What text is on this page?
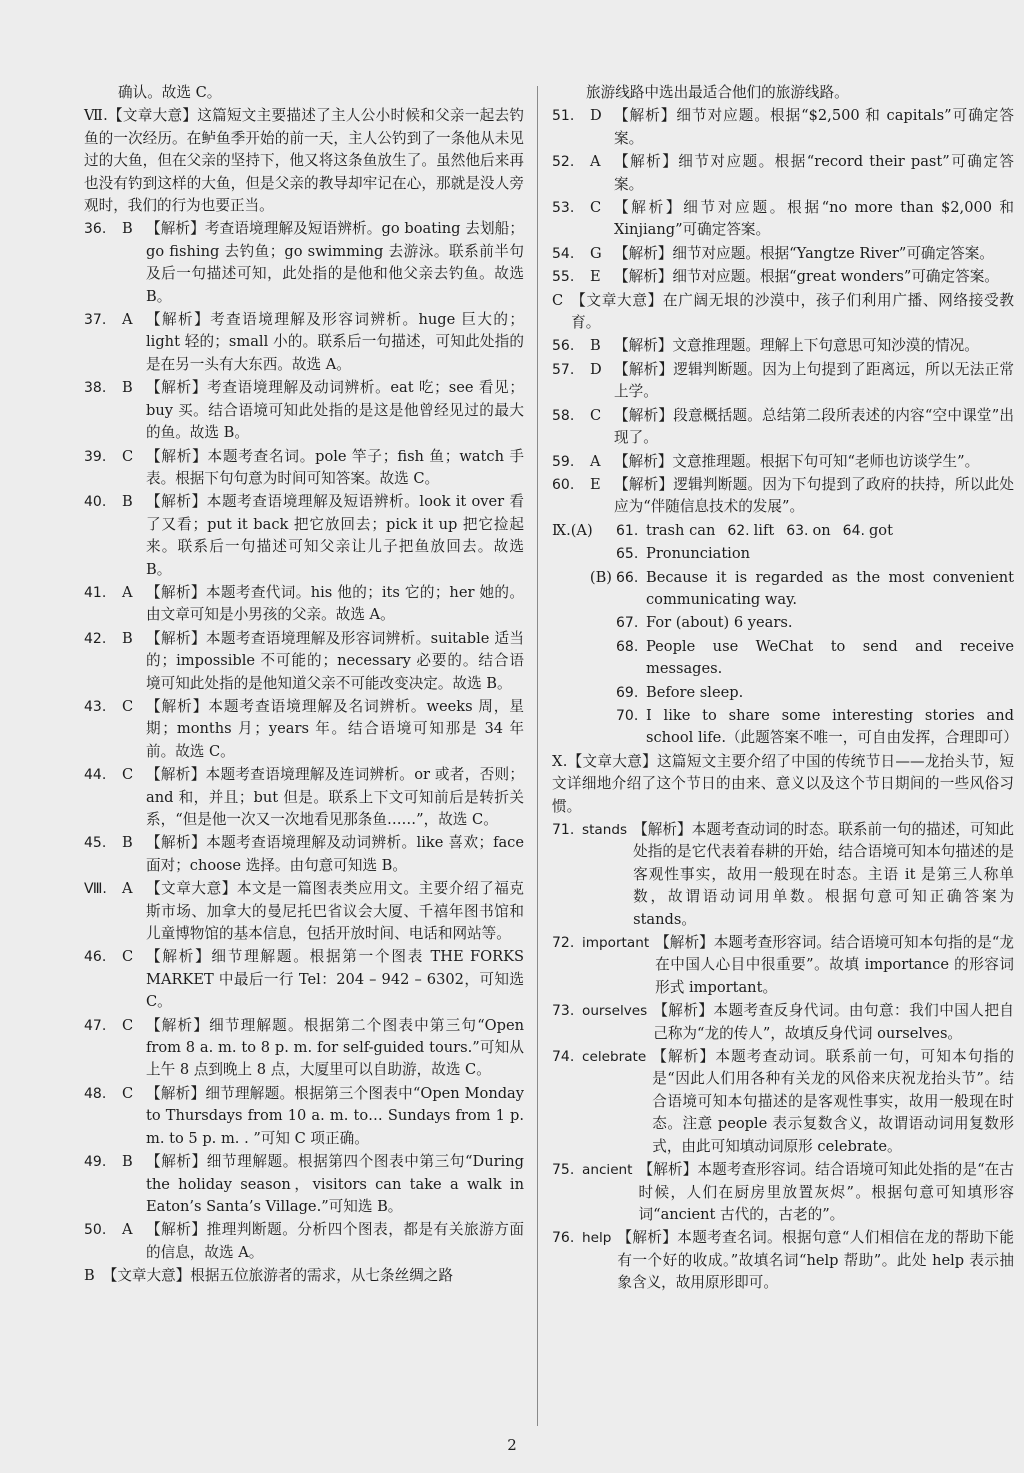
确认。故选 C。
Ⅶ.【文章大意】这篇短文主要描述了主人公小时候和父亲一起去钓鱼的一次经历。在鲈鱼季开始的前一天，主人公钓到了一条他从未见过的大鱼，但在父亲的坚持下，他又将这条鱼放生了。虽然他后来再也没有钓到这样的大鱼，但是父亲的教导却牢记在心，那就是没人旁观时，我们的行为也要正当。
36.	B 【解析】考查语境理解及短语辨析。go boating 去划船；go fishing 去钓鱼；go swimming 去游泳。联系前半句及后一句描述可知，此处指的是他和他父亲去钓鱼。故选 B。
37.	A 【解析】考查语境理解及形容词辨析。huge 巨大的；light 轻的；small 小的。联系后一句描述，可知此处指的是在另一头有大东西。故选 A。
38.	B 【解析】考查语境理解及动词辨析。eat 吃；see 看见；buy 买。结合语境可知此处指的是这是他曾经见过的最大的鱼。故选 B。
39.	C 【解析】本题考查名词。pole 竿子；fish 鱼；watch 手表。根据下句句意为时间可知答案。故选 C。
40.	B 【解析】本题考查语境理解及短语辨析。look it over 看了又看；put it back 把它放回去；pick it up 把它捡起来。联系后一句描述可知父亲让儿子把鱼放回去。故选 B。
41.	A 【解析】本题考查代词。his 他的；its 它的；her 她的。由文章可知是小男孩的父亲。故选 A。
42.	B 【解析】本题考查语境理解及形容词辨析。suitable 适当的；impossible 不可能的；necessary 必要的。结合语境可知此处指的是他知道父亲不可能改变决定。故选 B。
43.	C 【解析】本题考查语境理解及名词辨析。weeks 周，星期；months 月；years 年。结合语境可知那是 34 年前。故选 C。
44.	C 【解析】本题考查语境理解及连词辨析。or 或者，否则；and 和，并且；but 但是。联系上下文可知前后是转折关系，“但是他一次又一次地看见那条鱼……”，故选 C。
45.	B 【解析】本题考查语境理解及动词辨析。like 喜欢；face 面对；choose 选择。由句意可知选 B。
Ⅷ.	A 【文章大意】本文是一篇图表类应用文。主要介绍了福克斯市场、加拿大的曼尼托巴省议会大厦、千禧年图书馆和儿童博物馆的基本信息，包括开放时间、电话和网站等。
46.	C 【解析】细节理解题。根据第一个图表 THE FORKS MARKET 中最后一行 Tel：204 – 942 – 6302，可知选 C。
47.	C 【解析】细节理解题。根据第二个图表中第三句“Open from 8 a. m. to 8 p. m. for self-guided tours.”可知从上午 8 点到晚上 8 点，大厦里可以自助游，故选 C。
48.	C 【解析】细节理解题。根据第三个图表中“Open Monday to Thursdays from 10 a. m. to… Sundays from 1 p. m. to 5 p. m. . ”可知 C 项正确。
49.	B 【解析】细节理解题。根据第四个图表中第三句“During the holiday season，visitors can take a walk in Eaton’s Santa’s Village.”可知选 B。
50.	A 【解析】推理判断题。分析四个图表，都是有关旅游方面的信息，故选 A。
B 【文章大意】根据五位旅游者的需求，从七条丝绸之路
旅游线路中选出最适合他们的旅游线路。
51.	D 【解析】细节对应题。根据“$2,500 和 capitals”可确定答案。
52.	A 【解析】细节对应题。根据“record their past”可确定答案。
53.	C 【解析】细节对应题。根据“no more than $2,000 和 Xinjiang”可确定答案。
54.	G 【解析】细节对应题。根据“Yangtze River”可确定答案。
55.	E 【解析】细节对应题。根据“great wonders”可确定答案。
C 【文章大意】在广阔无垠的沙漠中，孩子们利用广播、网络接受教育。
56.	B 【解析】文意推理题。理解上下句意思可知沙漠的情况。
57.	D 【解析】逻辑判断题。因为上句提到了距离远，所以无法正常上学。
58.	C 【解析】段意概括题。总结第二段所表述的内容“空中课堂”出现了。
59.	A 【解析】文意推理题。根据下句可知“老师也访谈学生”。
60.	E 【解析】逻辑判断题。因为下句提到了政府的扶持，所以此处应为“伴随信息技术的发展”。
Ⅸ.(A)	61. trash can 62. lift 63. on 64. got
65. Pronunciation
(B) 66. Because it is regarded as the most convenient communicating way.
67. For (about) 6 years.
68. People use WeChat to send and receive messages.
69. Before sleep.
70. I like to share some interesting stories and school life.（此题答案不唯一，可自由发挥，合理即可）
Ⅹ.【文章大意】这篇短文主要介绍了中国的传统节日——龙抬头节，短文详细地介绍了这个节日的由来、意义以及这个节日期间的一些风俗习惯。
71. stands 【解析】本题考查动词的时态。联系前一句的描述，可知此处指的是它代表着春耕的开始，结合语境可知本句描述的是客观性事实，故用一般现在时态。主语 it 是第三人称单数，故谓语动词用单数。根据句意可知正确答案为 stands。
72. important 【解析】本题考查形容词。结合语境可知本句指的是“龙在中国人心目中很重要”。故填 importance 的形容词形式 important。
73. ourselves 【解析】本题考查反身代词。由句意：我们中国人把自己称为“龙的传人”，故填反身代词 ourselves。
74. celebrate 【解析】本题考查动词。联系前一句，可知本句指的是“因此人们用各种有关龙的风俗来庆祝龙抬头节”。结合语境可知本句描述的是客观性事实，故用一般现在时态。注意 people 表示复数含义，故谓语动词用复数形式，由此可知填动词原形 celebrate。
75. ancient 【解析】本题考查形容词。结合语境可知此处指的是“在古时候，人们在厨房里放置灰烬”。根据句意可知填形容词“ancient 古代的，古老的”。
76. help 【解析】本题考查名词。根据句意“人们相信在龙的帮助下能有一个好的收成。”故填名词“help 帮助”。此处 help 表示抽象含义，故用原形即可。
2
